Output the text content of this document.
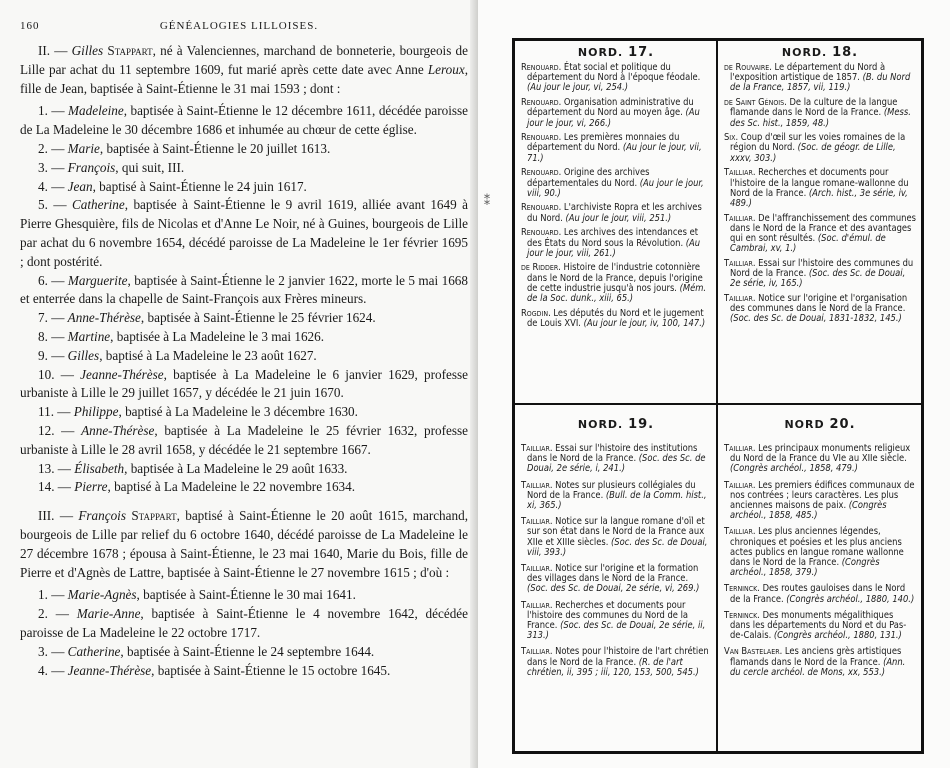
160	GÉNÉALOGIES LILLOISES.

II. — Gilles Stappart, né à Valenciennes, marchand de bonneterie, bourgeois de Lille par achat du 11 septembre 1609, fut marié après cette date avec Anne Leroux, fille de Jean, baptisée à Saint-Étienne le 31 mai 1593 ; dont :

1. — Madeleine, baptisée à Saint-Étienne le 12 décembre 1611, décédée paroisse de La Madeleine le 30 décembre 1686 et inhumée au chœur de cette église.

2. — Marie, baptisée à Saint-Étienne le 20 juillet 1613.

3. — François, qui suit, III.

4. — Jean, baptisé à Saint-Étienne le 24 juin 1617.

5. — Catherine, baptisée à Saint-Étienne le 9 avril 1619, alliée avant 1649 à Pierre Ghesquière, fils de Nicolas et d'Anne Le Noir, né à Guines, bourgeois de Lille par achat du 6 novembre 1654, décédé paroisse de La Madeleine le 1er février 1695 ; dont postérité.

6. — Marguerite, baptisée à Saint-Étienne le 2 janvier 1622, morte le 5 mai 1668 et enterrée dans la chapelle de Saint-François aux Frères mineurs.

7. — Anne-Thérèse, baptisée à Saint-Étienne le 25 février 1624.

8. — Martine, baptisée à La Madeleine le 3 mai 1626.

9. — Gilles, baptisé à La Madeleine le 23 août 1627.

10. — Jeanne-Thérèse, baptisée à La Madeleine le 6 janvier 1629, professe urbaniste à Lille le 29 juillet 1657, y décédée le 21 juin 1670.

11. — Philippe, baptisé à La Madeleine le 3 décembre 1630.

12. — Anne-Thérèse, baptisée à La Madeleine le 25 février 1632, professe urbaniste à Lille le 28 avril 1658, y décédée le 21 septembre 1667.

13. — Élisabeth, baptisée à La Madeleine le 29 août 1633.

14. — Pierre, baptisé à La Madeleine le 22 novembre 1634.

III. — François Stappart, baptisé à Saint-Étienne le 20 août 1615, marchand, bourgeois de Lille par relief du 6 octobre 1640, décédé paroisse de La Madeleine le 27 décembre 1678 ; épousa à Saint-Étienne, le 23 mai 1640, Marie du Bois, fille de Pierre et d'Agnès de Lattre, baptisée à Saint-Étienne le 27 novembre 1615 ; d'où :

1. — Marie-Agnès, baptisée à Saint-Étienne le 30 mai 1641.

2. — Marie-Anne, baptisée à Saint-Étienne le 4 novembre 1642, décédée paroisse de La Madeleine le 22 octobre 1717.

3. — Catherine, baptisée à Saint-Étienne le 24 septembre 1644.

4. — Jeanne-Thérèse, baptisée à Saint-Étienne le 15 octobre 1645.

⁑
NORD. 17.

Renouard. État social et politique du département du Nord à l'époque féodale. (Au jour le jour, vi, 254.)

Renouard. Organisation administrative du département du Nord au moyen âge. (Au jour le jour, vi, 266.)

Renouard. Les premières monnaies du département du Nord. (Au jour le jour, vii, 71.)

Renouard. Origine des archives départementales du Nord. (Au jour le jour, viii, 90.)

Renouard. L'archiviste Ropra et les archives du Nord. (Au jour le jour, viii, 251.)

Renouard. Les archives des intendances et des États du Nord sous la Révolution. (Au jour le jour, viii, 261.)

de Ridder. Histoire de l'industrie cotonnière dans le Nord de la France, depuis l'origine de cette industrie jusqu'à nos jours. (Mém. de la Soc. dunk., xiii, 65.)

Rogdin. Les députés du Nord et le jugement de Louis XVI. (Au jour le jour, iv, 100, 147.)

NORD. 18.

de Rouvaire. Le département du Nord à l'exposition artistique de 1857. (B. du Nord de la France, 1857, vii, 119.)

de Saint Génois. De la culture de la langue flamande dans le Nord de la France. (Mess. des Sc. hist., 1859, 48.)

Six. Coup d'œil sur les voies romaines de la région du Nord. (Soc. de géogr. de Lille, xxxv, 303.)

Tailliar. Recherches et documents pour l'histoire de la langue romane-wallonne du Nord de la France. (Arch. hist., 3e série, iv, 489.)

Tailliar. De l'affranchissement des communes dans le Nord de la France et des avantages qui en sont résultés. (Soc. d'émul. de Cambrai, xv, 1.)

Tailliar. Essai sur l'histoire des communes du Nord de la France. (Soc. des Sc. de Douai, 2e série, iv, 165.)

Tailliar. Notice sur l'origine et l'organisation des communes dans le Nord de la France. (Soc. des Sc. de Douai, 1831-1832, 145.)

NORD. 19.

Tailliar. Essai sur l'histoire des institutions dans le Nord de la France. (Soc. des Sc. de Douai, 2e série, i, 241.)

Tailliar. Notes sur plusieurs collégiales du Nord de la France. (Bull. de la Comm. hist., xi, 365.)

Tailliar. Notice sur la langue romane d'oïl et sur son état dans le Nord de la France aux XIIe et XIIIe siècles. (Soc. des Sc. de Douai, viii, 393.)

Tailliar. Notice sur l'origine et la formation des villages dans le Nord de la France. (Soc. des Sc. de Douai, 2e série, vi, 269.)

Tailliar. Recherches et documents pour l'histoire des communes du Nord de la France. (Soc. des Sc. de Douai, 2e série, ii, 313.)

Tailliar. Notes pour l'histoire de l'art chrétien dans le Nord de la France. (R. de l'art chrétien, ii, 395 ; iii, 120, 153, 500, 545.)

NORD 20.

Tailliar. Les principaux monuments religieux du Nord de la France du VIe au XIIe siècle. (Congrès archéol., 1858, 479.)

Tailliar. Les premiers édifices communaux de nos contrées ; leurs caractères. Les plus anciennes maisons de paix. (Congrès archéol., 1858, 485.)

Tailliar. Les plus anciennes légendes, chroniques et poésies et les plus anciens actes publics en langue romane wallonne dans le Nord de la France. (Congrès archéol., 1858, 379.)

Terninck. Des routes gauloises dans le Nord de la France. (Congrès archéol., 1880, 140.)

Terninck. Des monuments mégalithiques dans les départements du Nord et du Pas-de-Calais. (Congrès archéol., 1880, 131.)

Van Bastelaer. Les anciens grès artistiques flamands dans le Nord de la France. (Ann. du cercle archéol. de Mons, xx, 553.)
